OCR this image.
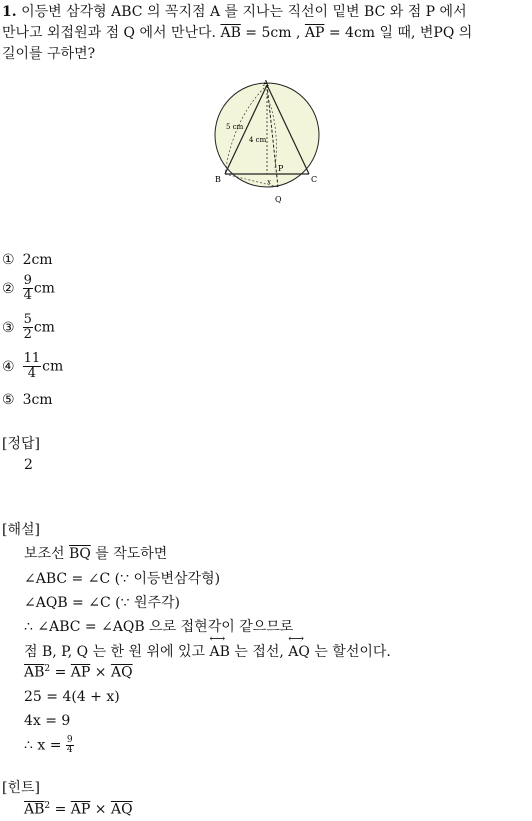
1. 이등변 삼각형 ABC 의 꼭지점 A 를 지나는 직선이 밑변 BC 와 점 P 에서
만나고 외접원과 점 Q 에서 만난다. $\overline{AB} = 5cm$ , $\overline{AP} = 4cm$ 일 때, 변PQ 의
길이를 구하면?
A
B	C
P
Q
x
5 cm
4 cm
① 2cm
② $\frac{9}{4}$ cm
③ $\frac{5}{2}$ cm
④ $\frac{11}{4}$ cm
⑤ 3cm
[정답]
2
[해설]
보조선 $\overline{BQ}$ 를 작도하면
∠ABC = ∠C (∵ 이등변삼각형)
∠AQB = ∠C (∵ 원주각)
∴ ∠ABC = ∠AQB 으로 접현각이 같으므로
점 B, P, Q 는 한 원 위에 있고 ⟷ AB 는 접선, ⟷ AQ 는 할선이다.
$\overline{AB}^2 = \overline{AP} \times \overline{AQ}$
25 = 4(4 + x)
4x = 9
∴ $x = \frac{9}{4}$
[힌트]
$\overline{AB}^2 = \overline{AP} \times \overline{AQ}$
